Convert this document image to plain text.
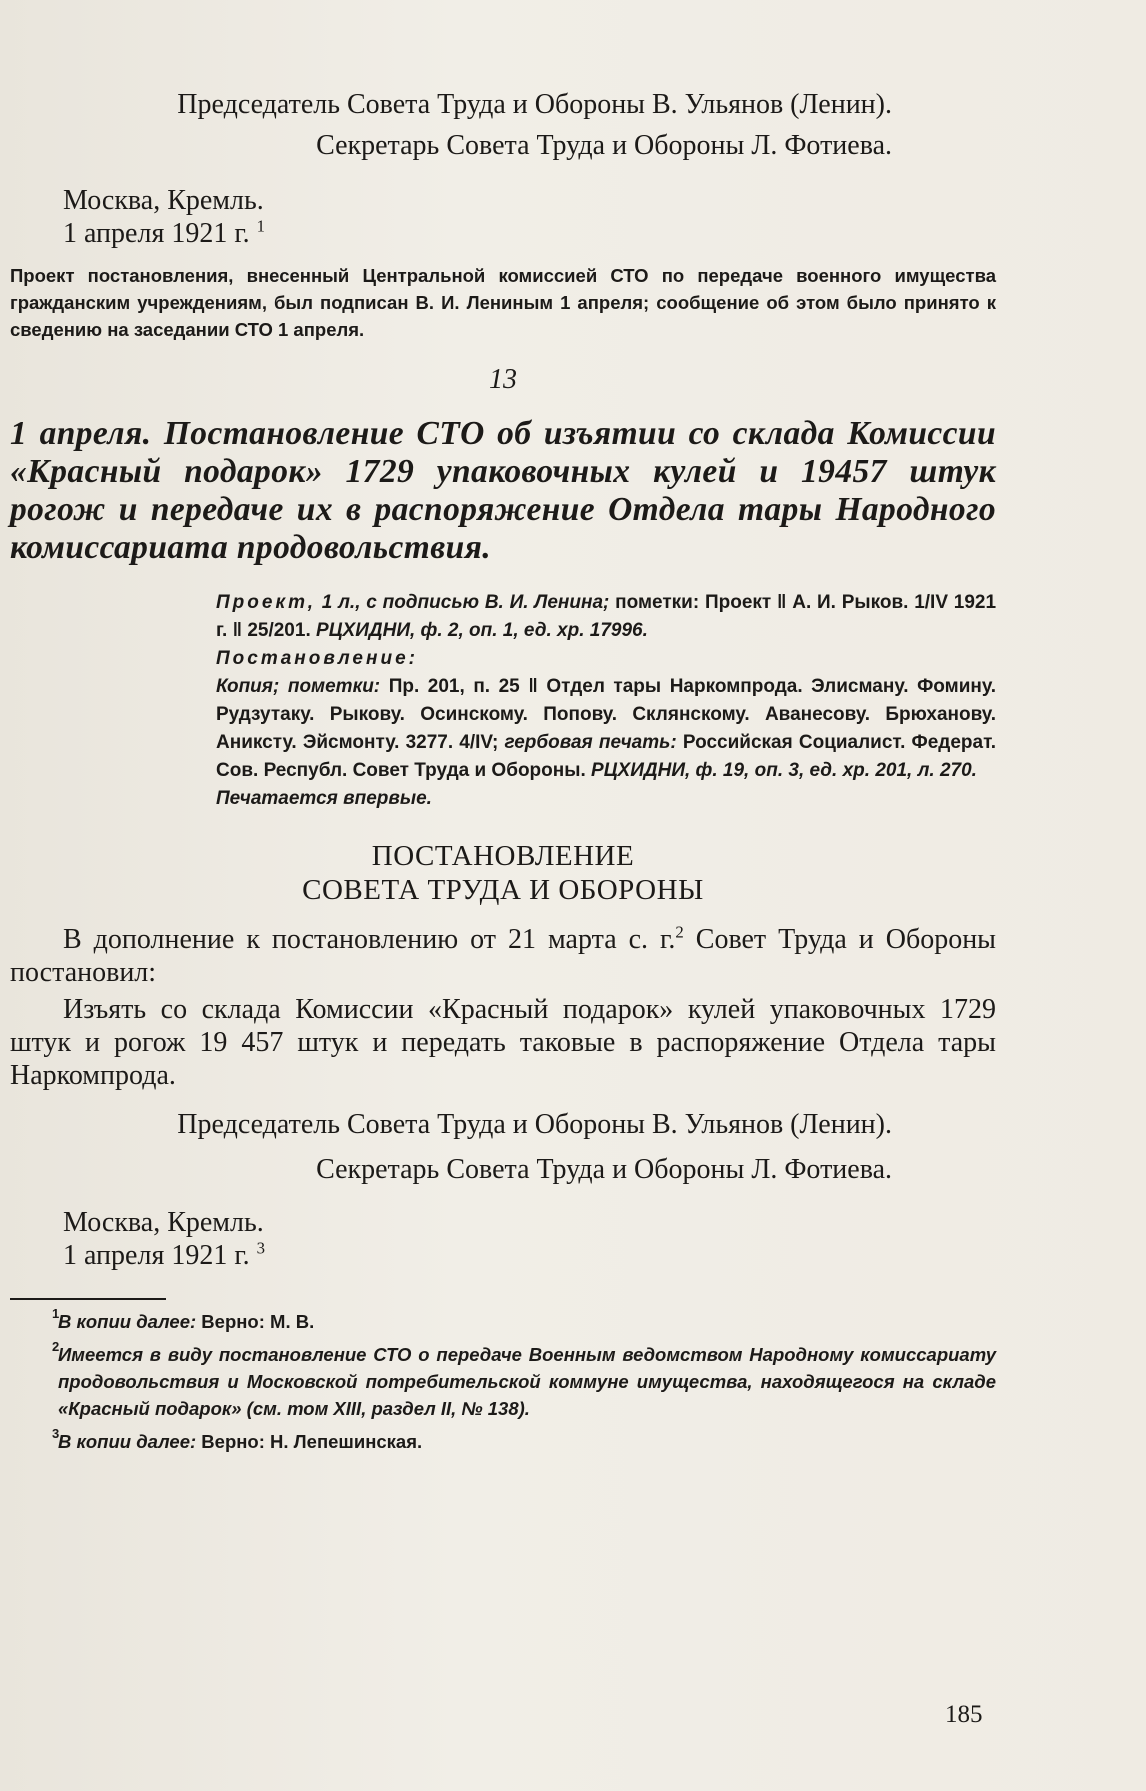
Председатель Совета Труда и Обороны В. Ульянов (Ленин).

Секретарь Совета Труда и Обороны Л. Фотиева.

Москва, Кремль.

1 апреля 1921 г. $^1$

Проект постановления, внесенный Центральной комиссией СТО по передаче военного имущества гражданским учреждениям, был подписан В. И. Лениным 1 апреля; сообщение об этом было принято к сведению на заседании СТО 1 апреля.

13

1 апреля. Постановление СТО об изъятии со склада Комиссии «Красный подарок» 1729 упаковочных кулей и 19457 штук рогож и передаче их в распоряжение Отдела тары Народного комиссариата продовольствия.

Проект, 1 л., с подписью В. И. Ленина; пометки: Проект ‖ А. И. Рыков. 1/IV 1921 г. ‖ 25/201. РЦХИДНИ, ф. 2, оп. 1, ед. хр. 17996.

Постановление:

Копия; пометки: Пр. 201, п. 25 ‖ Отдел тары Наркомпрода. Элисману. Фомину. Рудзутаку. Рыкову. Осинскому. Попову. Склянскому. Аванесову. Брюханову. Аниксту. Эйсмонту. 3277. 4/IV; гербовая печать: Российская Социалист. Федерат. Сов. Республ. Совет Труда и Обороны. РЦХИДНИ, ф. 19, оп. 3, ед. хр. 201, л. 270.

Печатается впервые.

ПОСТАНОВЛЕНИЕ

СОВЕТА ТРУДА И ОБОРОНЫ

В дополнение к постановлению от 21 марта с. г.$^2$ Совет Труда и Обороны постановил:

Изъять со склада Комиссии «Красный подарок» кулей упаковочных 1729 штук и рогож 19 457 штук и передать таковые в распоряжение Отдела тары Наркомпрода.

Председатель Совета Труда и Обороны В. Ульянов (Ленин).

Секретарь Совета Труда и Обороны Л. Фотиева.

Москва, Кремль.

1 апреля 1921 г. $^3$

1
В копии далее: Верно: М. В.

2
Имеется в виду постановление СТО о передаче Военным ведомством Народному комиссариату продовольствия и Московской потребительской коммуне имущества, находящегося на складе «Красный подарок» (см. том XIII, раздел II, № 138).

3
В копии далее: Верно: Н. Лепешинская.

185
